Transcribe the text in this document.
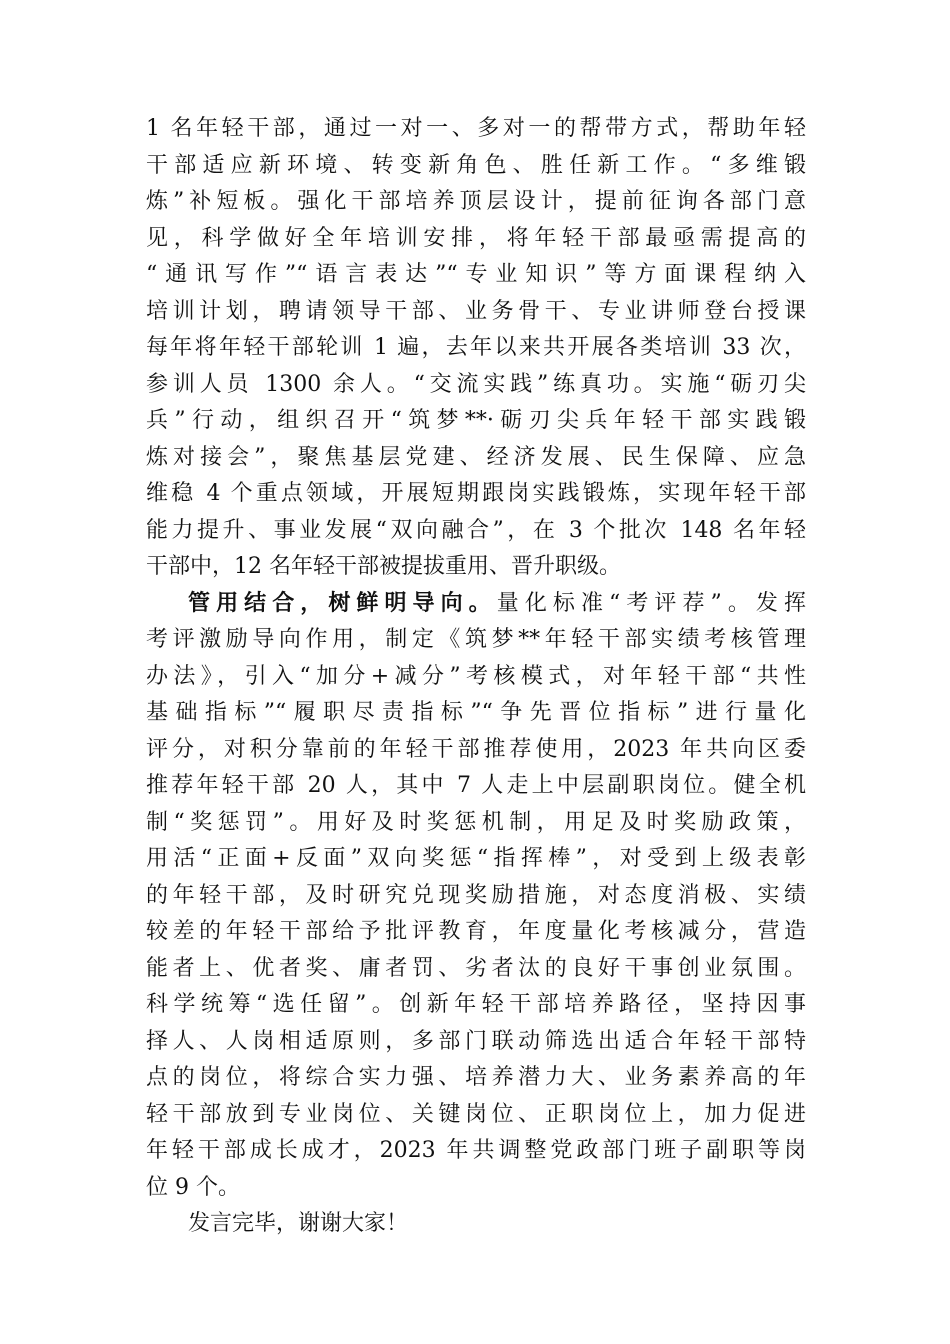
1 名年轻干部，通过一对一、多对一的帮带方式，帮助年轻
干部适应新环境、转变新角色、胜任新工作。“多维锻
炼”补短板。强化干部培养顶层设计，提前征询各部门意
见，科学做好全年培训安排，将年轻干部最亟需提高的
“通讯写作”“语言表达”“专业知识”等方面课程纳入
培训计划，聘请领导干部、业务骨干、专业讲师登台授课
每年将年轻干部轮训 1 遍，去年以来共开展各类培训 33 次，
参训人员 1300 余人。“交流实践”练真功。实施“砺刃尖
兵”行动，组织召开“筑梦**·砺刃尖兵年轻干部实践锻
炼对接会”，聚焦基层党建、经济发展、民生保障、应急
维稳 4 个重点领域，开展短期跟岗实践锻炼，实现年轻干部
能力提升、事业发展“双向融合”，在 3 个批次 148 名年轻
干部中，12 名年轻干部被提拔重用、晋升职级。
管用结合，树鲜明导向。量化标准“考评荐”。发挥
考评激励导向作用，制定《筑梦**年轻干部实绩考核管理
办法》，引入“加分+减分”考核模式，对年轻干部“共性
基础指标”“履职尽责指标”“争先晋位指标”进行量化
评分，对积分靠前的年轻干部推荐使用，2023 年共向区委
推荐年轻干部 20 人，其中 7 人走上中层副职岗位。健全机
制“奖惩罚”。用好及时奖惩机制，用足及时奖励政策，
用活“正面+反面”双向奖惩“指挥棒”，对受到上级表彰
的年轻干部，及时研究兑现奖励措施，对态度消极、实绩
较差的年轻干部给予批评教育，年度量化考核减分，营造
能者上、优者奖、庸者罚、劣者汰的良好干事创业氛围。
科学统筹“选任留”。创新年轻干部培养路径，坚持因事
择人、人岗相适原则，多部门联动筛选出适合年轻干部特
点的岗位，将综合实力强、培养潜力大、业务素养高的年
轻干部放到专业岗位、关键岗位、正职岗位上，加力促进
年轻干部成长成才，2023 年共调整党政部门班子副职等岗
位 9 个。
发言完毕，谢谢大家！
